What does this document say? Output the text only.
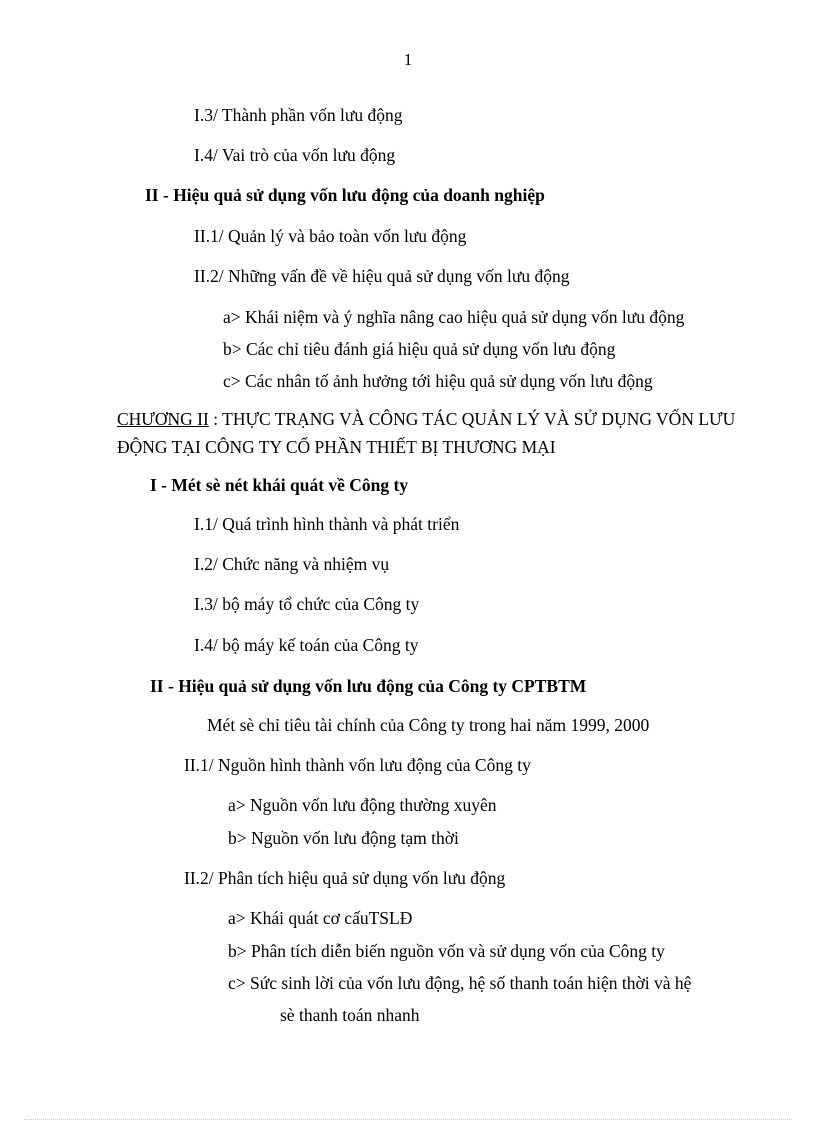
1
I.3/ Thành phần vốn lưu động
I.4/ Vai trò của vốn lưu động
II - Hiệu quả sử dụng vốn lưu động của doanh nghiệp
II.1/ Quản lý và bảo toàn vốn lưu động
II.2/ Những vấn đề về hiệu quả sử dụng vốn lưu động
a> Khái niệm và ý nghĩa nâng cao hiệu quả sử dụng vốn lưu động
b> Các chỉ tiêu đánh giá hiệu quả sử dụng vốn lưu động
c> Các nhân tố ảnh hưởng tới hiệu quả sử dụng vốn lưu động
CHƯƠNG II : THỰC TRẠNG VÀ CÔNG TÁC QUẢN LÝ VÀ SỬ DỤNG VỐN LƯU
ĐỘNG TẠI CÔNG TY CỔ PHẦN THIẾT BỊ THƯƠNG MẠI
I - Mét sè nét khái quát về Công ty
I.1/ Quá trình hình thành và phát triển
I.2/ Chức năng và nhiệm vụ
I.3/ bộ máy tổ chức của Công ty
I.4/ bộ máy kế toán của Công ty
II - Hiệu quả sử dụng vốn lưu động của Công ty CPTBTM
Mét sè chỉ tiêu tài chính của Công ty trong hai năm 1999, 2000
II.1/ Nguồn hình thành vốn lưu động của Công ty
a> Nguồn vốn lưu động thường xuyên
b> Nguồn vốn lưu động tạm thời
II.2/ Phân tích hiệu quả sử dụng vốn lưu động
a> Khái quát cơ cấuTSLĐ
b> Phân tích diễn biến nguồn vốn và sử dụng vốn của Công ty
c> Sức sinh lời của vốn lưu động, hệ số thanh toán hiện thời và hệ
sè thanh toán nhanh
